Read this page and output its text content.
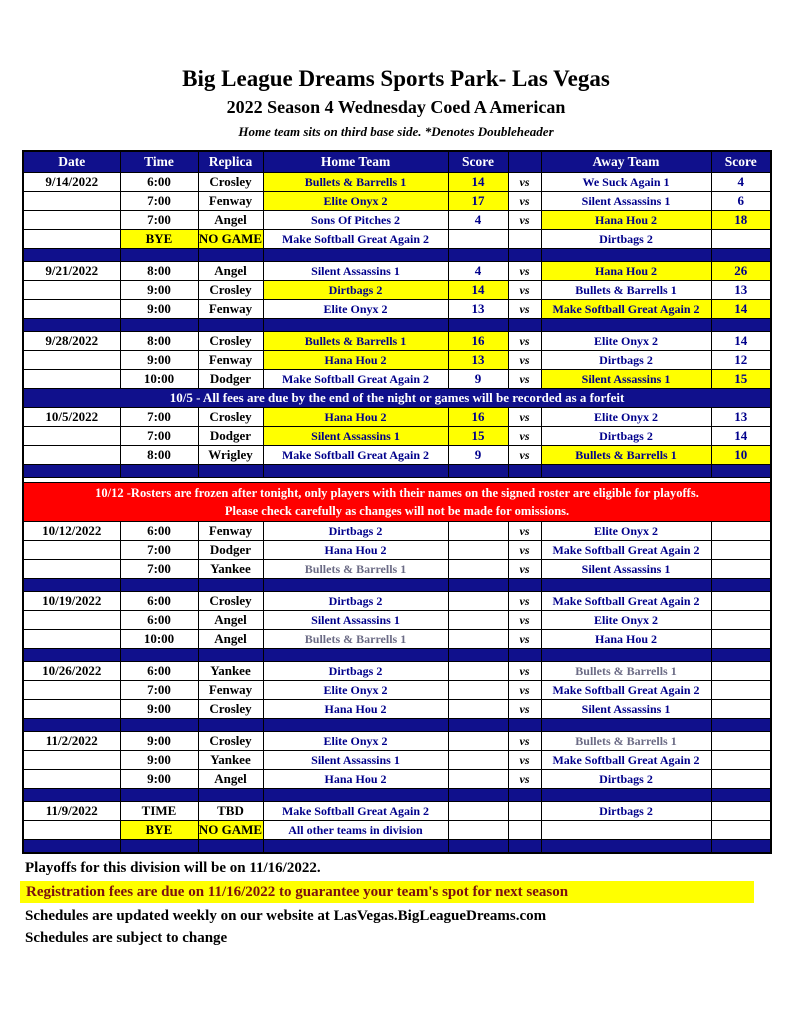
Big League Dreams Sports Park- Las Vegas
2022 Season 4 Wednesday Coed A American
Home team sits on third base side. *Denotes Doubleheader
Date	Time	Replica	Home Team	Score		Away Team	Score
9/14/2022	6:00	Crosley	Bullets & Barrells 1	14	vs	We Suck Again 1	4
	7:00	Fenway	Elite Onyx 2	17	vs	Silent Assassins 1	6
	7:00	Angel	Sons Of Pitches 2	4	vs	Hana Hou 2	18
	BYE	NO GAME	Make Softball Great Again 2			Dirtbags 2	

9/21/2022	8:00	Angel	Silent Assassins 1	4	vs	Hana Hou 2	26
	9:00	Crosley	Dirtbags 2	14	vs	Bullets & Barrells 1	13
	9:00	Fenway	Elite Onyx 2	13	vs	Make Softball Great Again 2	14

9/28/2022	8:00	Crosley	Bullets & Barrells 1	16	vs	Elite Onyx 2	14
	9:00	Fenway	Hana Hou 2	13	vs	Dirtbags 2	12
	10:00	Dodger	Make Softball Great Again 2	9	vs	Silent Assassins 1	15
10/5 - All fees are due by the end of the night or games will be recorded as a forfeit							
10/5/2022	7:00	Crosley	Hana Hou 2	16	vs	Elite Onyx 2	13
	7:00	Dodger	Silent Assassins 1	15	vs	Dirtbags 2	14
	8:00	Wrigley	Make Softball Great Again 2	9	vs	Bullets & Barrells 1	10

10/12 -Rosters are frozen after tonight, only players with their names on the signed roster are eligible for playoffs.
Please check carefully as changes will not be made for omissions.							

10/12/2022	6:00	Fenway	Dirtbags 2		vs	Elite Onyx 2	
	7:00	Dodger	Hana Hou 2		vs	Make Softball Great Again 2	
	7:00	Yankee	Bullets & Barrells 1		vs	Silent Assassins 1	

10/19/2022	6:00	Crosley	Dirtbags 2		vs	Make Softball Great Again 2	
	6:00	Angel	Silent Assassins 1		vs	Elite Onyx 2	
	10:00	Angel	Bullets & Barrells 1		vs	Hana Hou 2	

10/26/2022	6:00	Yankee	Dirtbags 2		vs	Bullets & Barrells 1	
	7:00	Fenway	Elite Onyx 2		vs	Make Softball Great Again 2	
	9:00	Crosley	Hana Hou 2		vs	Silent Assassins 1	

11/2/2022	9:00	Crosley	Elite Onyx 2		vs	Bullets & Barrells 1	
	9:00	Yankee	Silent Assassins 1		vs	Make Softball Great Again 2	
	9:00	Angel	Hana Hou 2		vs	Dirtbags 2	

11/9/2022	TIME	TBD	Make Softball Great Again 2			Dirtbags 2	
	BYE	NO GAME	All other teams in division				

Playoffs for this division will be on 11/16/2022.
Registration fees are due on 11/16/2022 to guarantee your team's spot for next season
Schedules are updated weekly on our website at LasVegas.BigLeagueDreams.com
Schedules are subject to change
